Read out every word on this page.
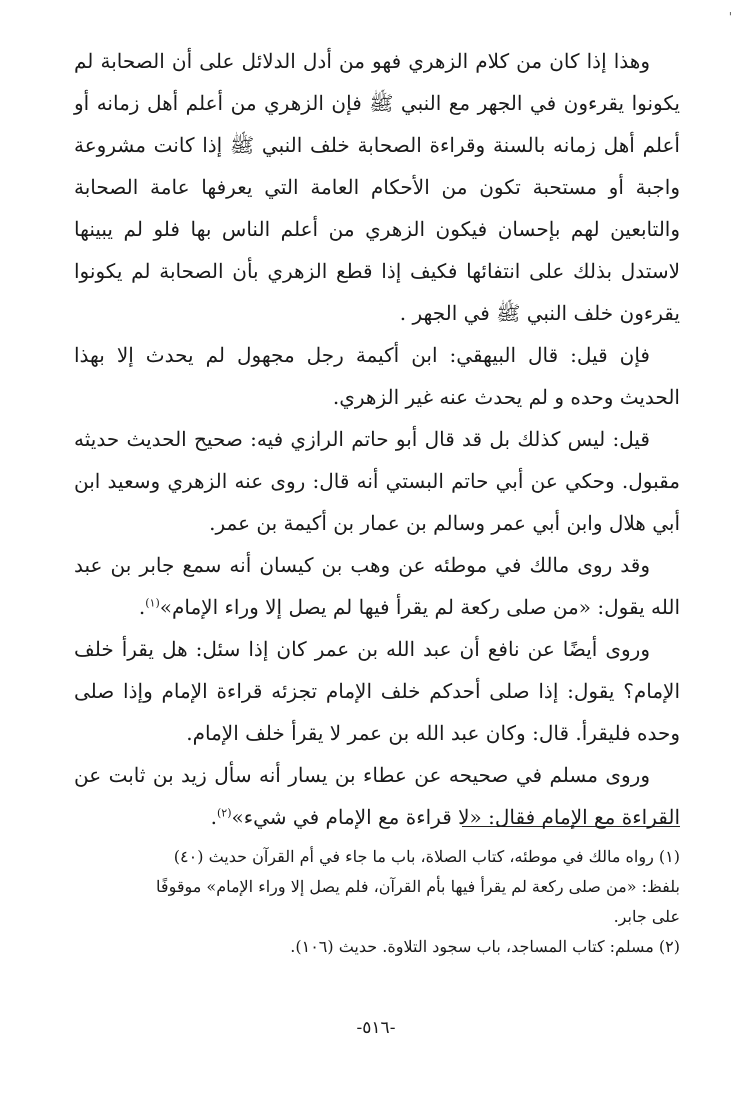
'

وهذا إذا كان من كلام الزهري فهو من أدل الدلائل على أن الصحابة لم يكونوا يقرءون في الجهر مع النبي ﷺ فإن الزهري من أعلم أهل زمانه أو أعلم أهل زمانه بالسنة وقراءة الصحابة خلف النبي ﷺ إذا كانت مشروعة واجبة أو مستحبة تكون من الأحكام العامة التي يعرفها عامة الصحابة والتابعين لهم بإحسان فيكون الزهري من أعلم الناس بها فلو لم يبينها لاستدل بذلك على انتفائها فكيف إذا قطع الزهري بأن الصحابة لم يكونوا يقرءون خلف النبي ﷺ في الجهر .

فإن قيل: قال البيهقي: ابن أكيمة رجل مجهول لم يحدث إلا بهذا الحديث وحده و لم يحدث عنه غير الزهري.

قيل: ليس كذلك بل قد قال أبو حاتم الرازي فيه: صحيح الحديث حديثه مقبول. وحكي عن أبي حاتم البستي أنه قال: روى عنه الزهري وسعيد ابن أبي هلال وابن أبي عمر وسالم بن عمار بن أكيمة بن عمر.

وقد روى مالك في موطئه عن وهب بن كيسان أنه سمع جابر بن عبد الله يقول: «من صلى ركعة لم يقرأ فيها لم يصل إلا وراء الإمام»$^{(١)}$.

وروى أيضًا عن نافع أن عبد الله بن عمر كان إذا سئل: هل يقرأ خلف الإمام؟ يقول: إذا صلى أحدكم خلف الإمام تجزئه قراءة الإمام وإذا صلى وحده فليقرأ. قال: وكان عبد الله بن عمر لا يقرأ خلف الإمام.

وروى مسلم في صحيحه عن عطاء بن يسار أنه سأل زيد بن ثابت عن القراءة مع الإمام فقال: «لا قراءة مع الإمام في شيء»$^{(٢)}$.

(١) رواه مالك في موطئه، كتاب الصلاة، باب ما جاء في أم القرآن حديث (٤٠)

بلفظ: «من صلى ركعة لم يقرأ فيها بأم القرآن، فلم يصل إلا وراء الإمام» موقوفًا

على جابر.

(٢) مسلم: كتاب المساجد، باب سجود التلاوة. حديث (١٠٦).

-٥١٦-
